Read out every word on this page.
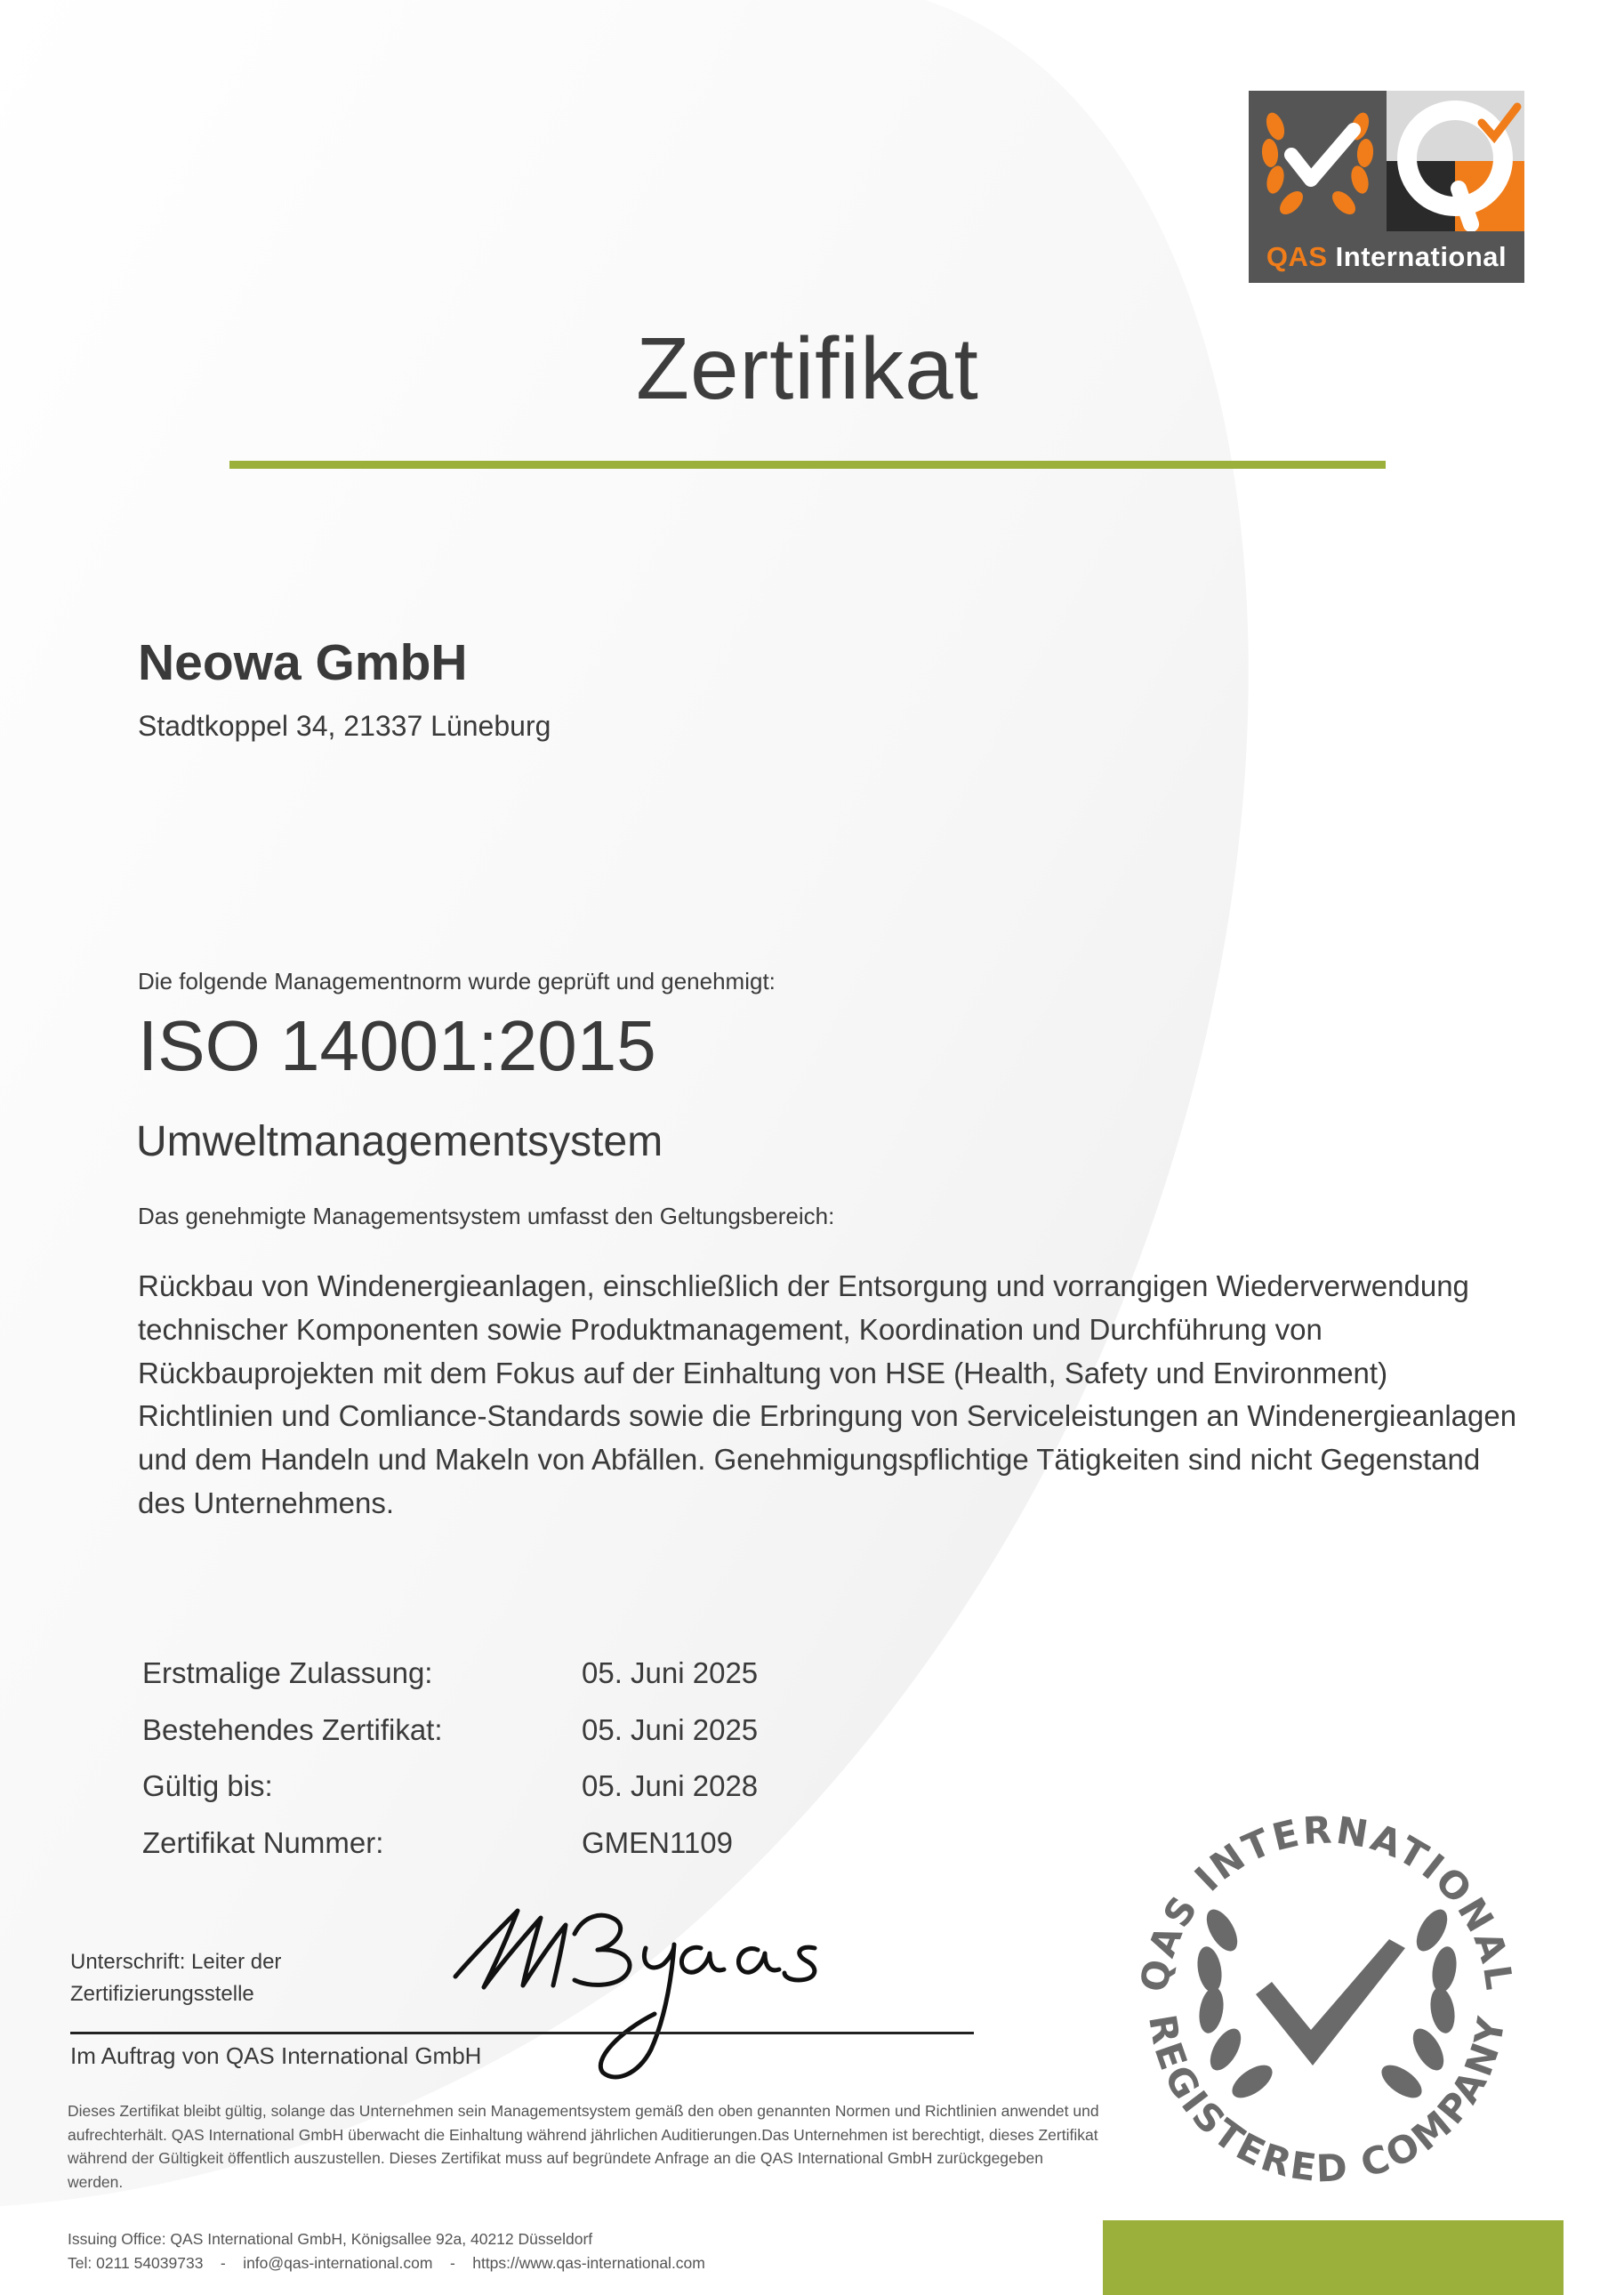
QAS International
Zertifikat
Neowa GmbH
Stadtkoppel 34, 21337 Lüneburg
Die folgende Managementnorm wurde geprüft und genehmigt:
ISO 14001:2015
Umweltmanagementsystem
Das genehmigte Managementsystem umfasst den Geltungsbereich:
Rückbau von Windenergieanlagen, einschließlich der Entsorgung und vorrangigen Wiederverwendung technischer Komponenten sowie Produktmanagement, Koordination und Durchführung von Rückbauprojekten mit dem Fokus auf der Einhaltung von HSE (Health, Safety und Environment) Richtlinien und Comliance-Standards sowie die Erbringung von Serviceleistungen an Windenergieanlagen und dem Handeln und Makeln von Abfällen. Genehmigungspflichtige Tätigkeiten sind nicht Gegenstand des Unternehmens.
Erstmalige Zulassung:	05. Juni 2025
Bestehendes Zertifikat:	05. Juni 2025
Gültig bis:	05. Juni 2028
Zertifikat Nummer:	GMEN1109
Unterschrift: Leiter der
Zertifizierungsstelle
Im Auftrag von QAS International GmbH
Dieses Zertifikat bleibt gültig, solange das Unternehmen sein Managementsystem gemäß den oben genannten Normen und Richtlinien anwendet und aufrechterhält. QAS International GmbH überwacht die Einhaltung während jährlichen Auditierungen.Das Unternehmen ist berechtigt, dieses Zertifikat während der Gültigkeit öffentlich auszustellen. Dieses Zertifikat muss auf begründete Anfrage an die QAS International GmbH zurückgegeben werden.
Issuing Office: QAS International GmbH, Königsallee 92a, 40212 Düsseldorf
Tel: 0211 54039733 - info@qas-international.com - https://www.qas-international.com
QAS INTERNATIONAL
REGISTERED COMPANY
